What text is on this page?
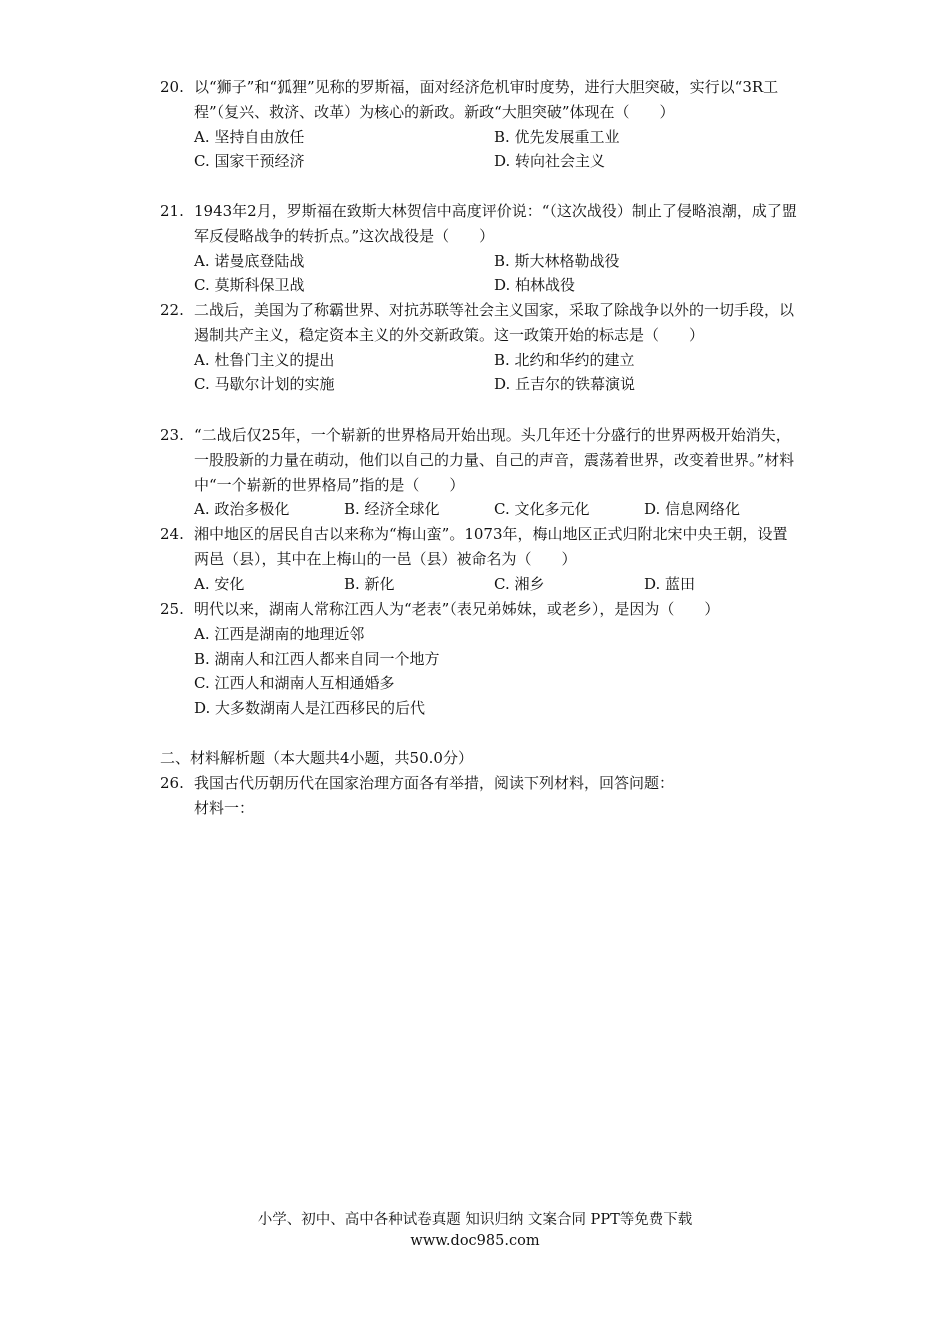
20. 以“狮子”和“狐狸”见称的罗斯福，面对经济危机审时度势，进行大胆突破，实行以“3R工程”（复兴、救济、改革）为核心的新政。新政“大胆突破”体现在（　　）
A. 坚持自由放任	B. 优先发展重工业
C. 国家干预经济	D. 转向社会主义
21. 1943年2月，罗斯福在致斯大林贺信中高度评价说：“（这次战役）制止了侵略浪潮，成了盟军反侵略战争的转折点。”这次战役是（　　）
A. 诺曼底登陆战	B. 斯大林格勒战役
C. 莫斯科保卫战	D. 柏林战役
22. 二战后，美国为了称霸世界、对抗苏联等社会主义国家，采取了除战争以外的一切手段，以遏制共产主义，稳定资本主义的外交新政策。这一政策开始的标志是（　　）
A. 杜鲁门主义的提出	B. 北约和华约的建立
C. 马歇尔计划的实施	D. 丘吉尔的铁幕演说
23. “二战后仅25年，一个崭新的世界格局开始出现。头几年还十分盛行的世界两极开始消失，一股股新的力量在萌动，他们以自己的力量、自己的声音，震荡着世界，改变着世界。”材料中“一个崭新的世界格局”指的是（　　）
A. 政治多极化	B. 经济全球化	C. 文化多元化	D. 信息网络化
24. 湘中地区的居民自古以来称为“梅山蛮”。1073年，梅山地区正式归附北宋中央王朝，设置两邑（县），其中在上梅山的一邑（县）被命名为（　　）
A. 安化	B. 新化	C. 湘乡	D. 蓝田
25. 明代以来，湖南人常称江西人为“老表”（表兄弟姊妹，或老乡），是因为（　　）
A. 江西是湖南的地理近邻
B. 湖南人和江西人都来自同一个地方
C. 江西人和湖南人互相通婚多
D. 大多数湖南人是江西移民的后代
二、材料解析题（本大题共4小题，共50.0分）
26. 我国古代历朝历代在国家治理方面各有举措，阅读下列材料，回答问题：
材料一：
小学、初中、高中各种试卷真题 知识归纳 文案合同 PPT等免费下载
www.doc985.com
